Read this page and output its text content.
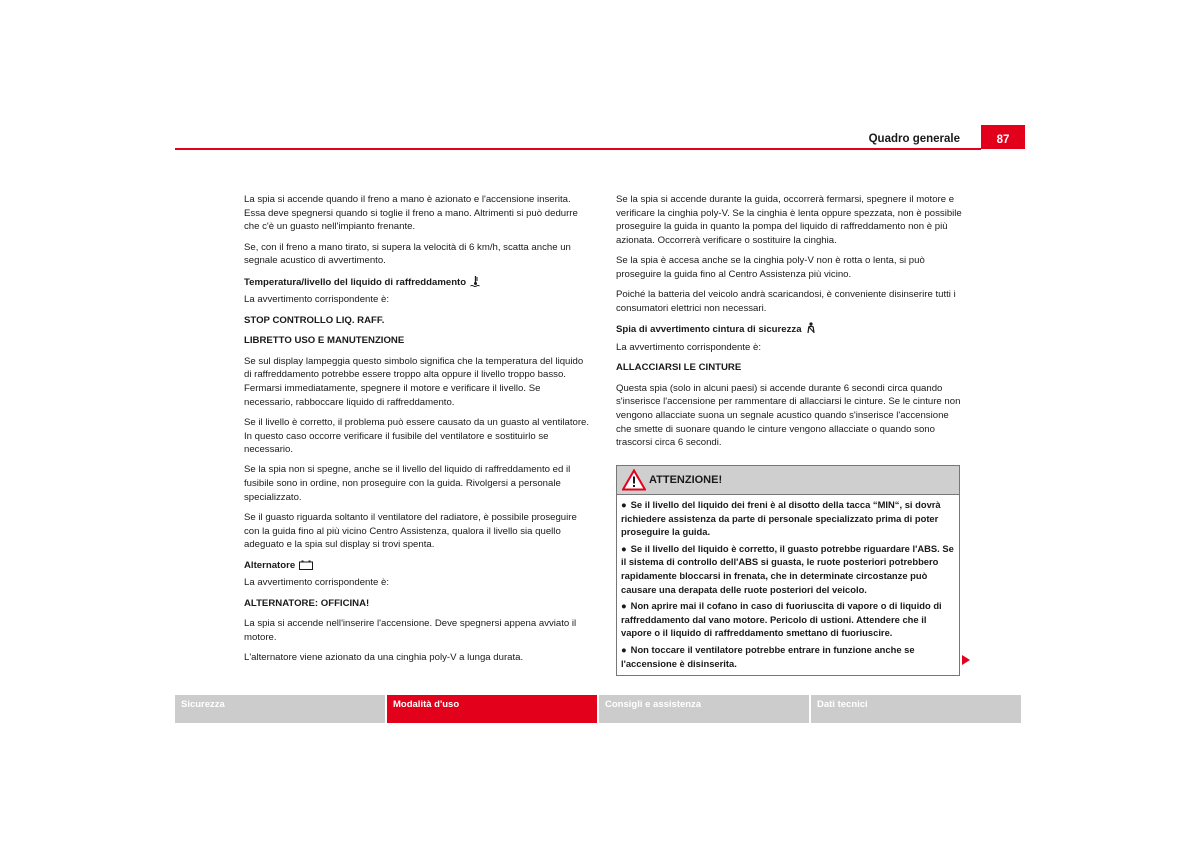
Quadro generale	87

La spia si accende quando il freno a mano è azionato e l'accensione inserita. Essa deve spegnersi quando si toglie il freno a mano. Altrimenti si può dedurre che c'è un guasto nell'impianto frenante.

Se, con il freno a mano tirato, si supera la velocità di 6 km/h, scatta anche un segnale acustico di avvertimento.

Temperatura/livello del liquido di raffreddamento

La avvertimento corrispondente è:

STOP CONTROLLO LIQ. RAFF.

LIBRETTO USO E MANUTENZIONE

Se sul display lampeggia questo simbolo significa che la temperatura del liquido di raffreddamento potrebbe essere troppo alta oppure il livello troppo basso. Fermarsi immediatamente, spegnere il motore e verificare il livello. Se necessario, rabboccare liquido di raffreddamento.

Se il livello è corretto, il problema può essere causato da un guasto al ventilatore. In questo caso occorre verificare il fusibile del ventilatore e sostituirlo se necessario.

Se la spia non si spegne, anche se il livello del liquido di raffreddamento ed il fusibile sono in ordine, non proseguire con la guida. Rivolgersi a personale specializzato.

Se il guasto riguarda soltanto il ventilatore del radiatore, è possibile proseguire con la guida fino al più vicino Centro Assistenza, qualora il livello sia quello adeguato e la spia sul display si trovi spenta.

Alternatore

La avvertimento corrispondente è:

ALTERNATORE: OFFICINA!

La spia si accende nell'inserire l'accensione. Deve spegnersi appena avviato il motore.

L'alternatore viene azionato da una cinghia poly-V a lunga durata.

Se la spia si accende durante la guida, occorrerà fermarsi, spegnere il motore e verificare la cinghia poly-V. Se la cinghia è lenta oppure spezzata, non è possibile proseguire la guida in quanto la pompa del liquido di raffreddamento non è più azionata. Occorrerà verificare o sostituire la cinghia.

Se la spia è accesa anche se la cinghia poly-V non è rotta o lenta, si può proseguire la guida fino al Centro Assistenza più vicino.

Poiché la batteria del veicolo andrà scaricandosi, è conveniente disinserire tutti i consumatori elettrici non necessari.

Spia di avvertimento cintura di sicurezza

La avvertimento corrispondente è:

ALLACCIARSI LE CINTURE

Questa spia (solo in alcuni paesi) si accende durante 6 secondi circa quando s'inserisce l'accensione per rammentare di allacciarsi le cinture. Se le cinture non vengono allacciate suona un segnale acustico quando s'inserisce l'accensione che smette di suonare quando le cinture vengono allacciate o quando sono trascorsi circa 6 secondi.

ATTENZIONE!
● Se il livello del liquido dei freni è al disotto della tacca “MIN“, si dovrà richiedere assistenza da parte di personale specializzato prima di poter proseguire la guida.
● Se il livello del liquido è corretto, il guasto potrebbe riguardare l'ABS. Se il sistema di controllo dell'ABS si guasta, le ruote posteriori potrebbero rapidamente bloccarsi in frenata, che in determinate circostanze può causare una derapata delle ruote posteriori del veicolo.
● Non aprire mai il cofano in caso di fuoriuscita di vapore o di liquido di raffreddamento dal vano motore. Pericolo di ustioni. Attendere che il vapore o il liquido di raffreddamento smettano di fuoriuscire.
● Non toccare il ventilatore potrebbe entrare in funzione anche se l'accensione è disinserita.
Sicurezza	Modalità d'uso	Consigli e assistenza	Dati tecnici
